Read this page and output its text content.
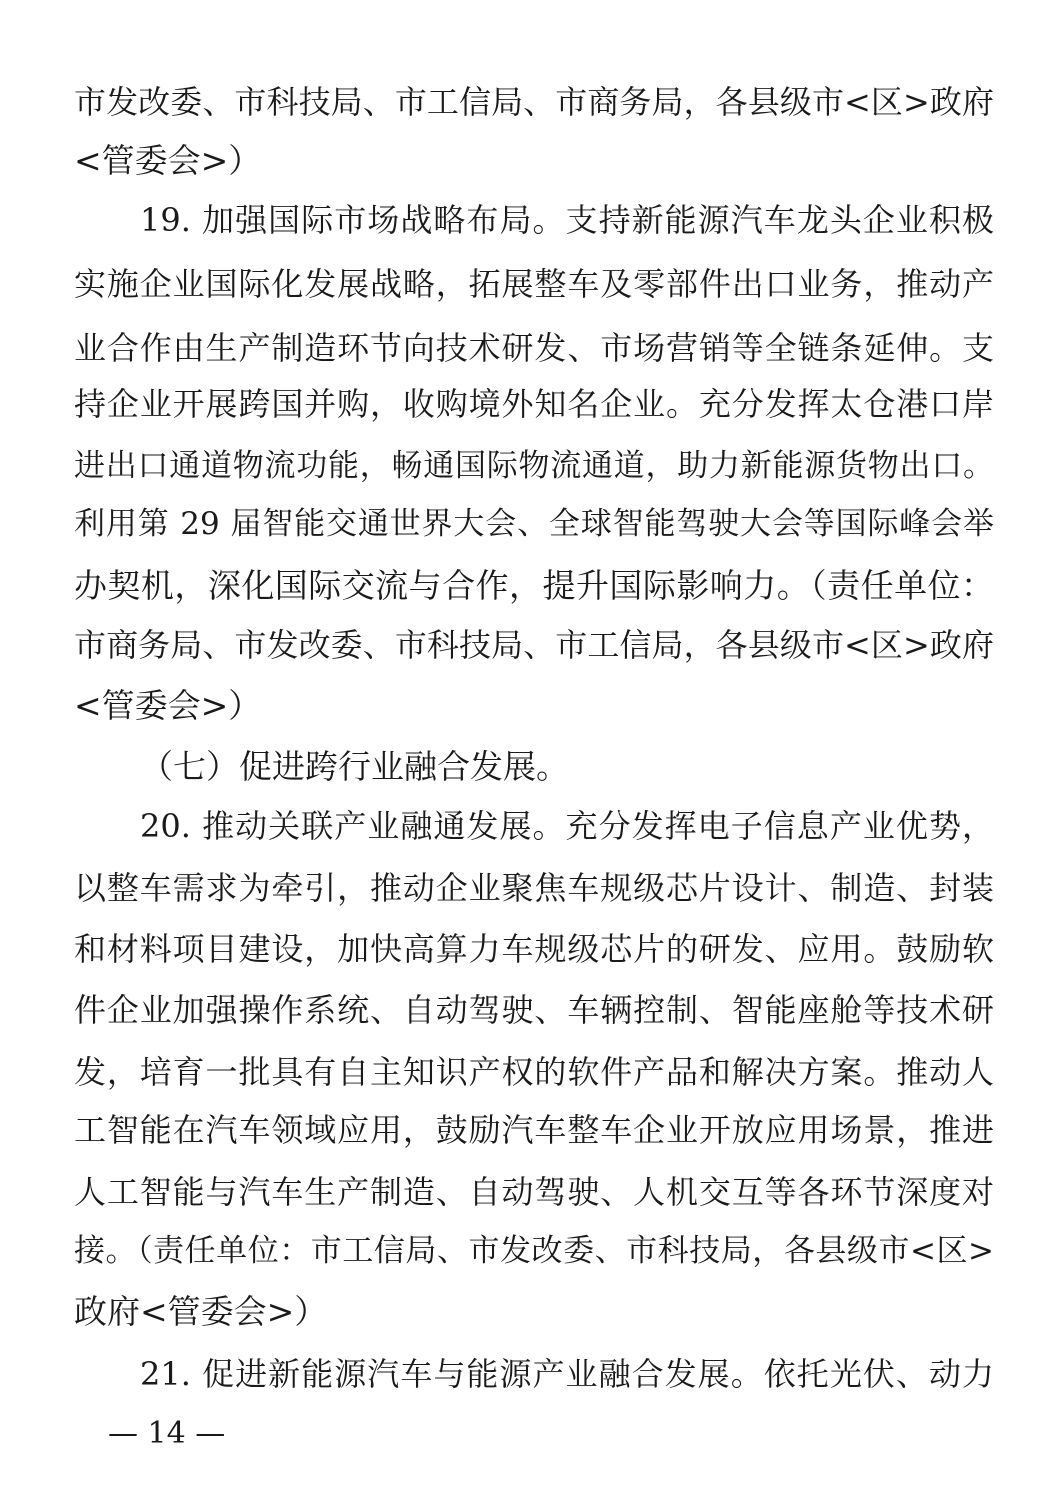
市发改委、市科技局、市工信局、市商务局，各县级市<区>政府
<管委会>）
19. 加强国际市场战略布局。支持新能源汽车龙头企业积极
实施企业国际化发展战略，拓展整车及零部件出口业务，推动产
业合作由生产制造环节向技术研发、市场营销等全链条延伸。支
持企业开展跨国并购，收购境外知名企业。充分发挥太仓港口岸
进出口通道物流功能，畅通国际物流通道，助力新能源货物出口。
利用第 29 届智能交通世界大会、全球智能驾驶大会等国际峰会举
办契机，深化国际交流与合作，提升国际影响力。（责任单位：
市商务局、市发改委、市科技局、市工信局，各县级市<区>政府
<管委会>）
（七）促进跨行业融合发展。
20. 推动关联产业融通发展。充分发挥电子信息产业优势，
以整车需求为牵引，推动企业聚焦车规级芯片设计、制造、封装
和材料项目建设，加快高算力车规级芯片的研发、应用。鼓励软
件企业加强操作系统、自动驾驶、车辆控制、智能座舱等技术研
发，培育一批具有自主知识产权的软件产品和解决方案。推动人
工智能在汽车领域应用，鼓励汽车整车企业开放应用场景，推进
人工智能与汽车生产制造、自动驾驶、人机交互等各环节深度对
接。（责任单位：市工信局、市发改委、市科技局，各县级市<区>
政府<管委会>）
21. 促进新能源汽车与能源产业融合发展。依托光伏、动力
— 14 —
